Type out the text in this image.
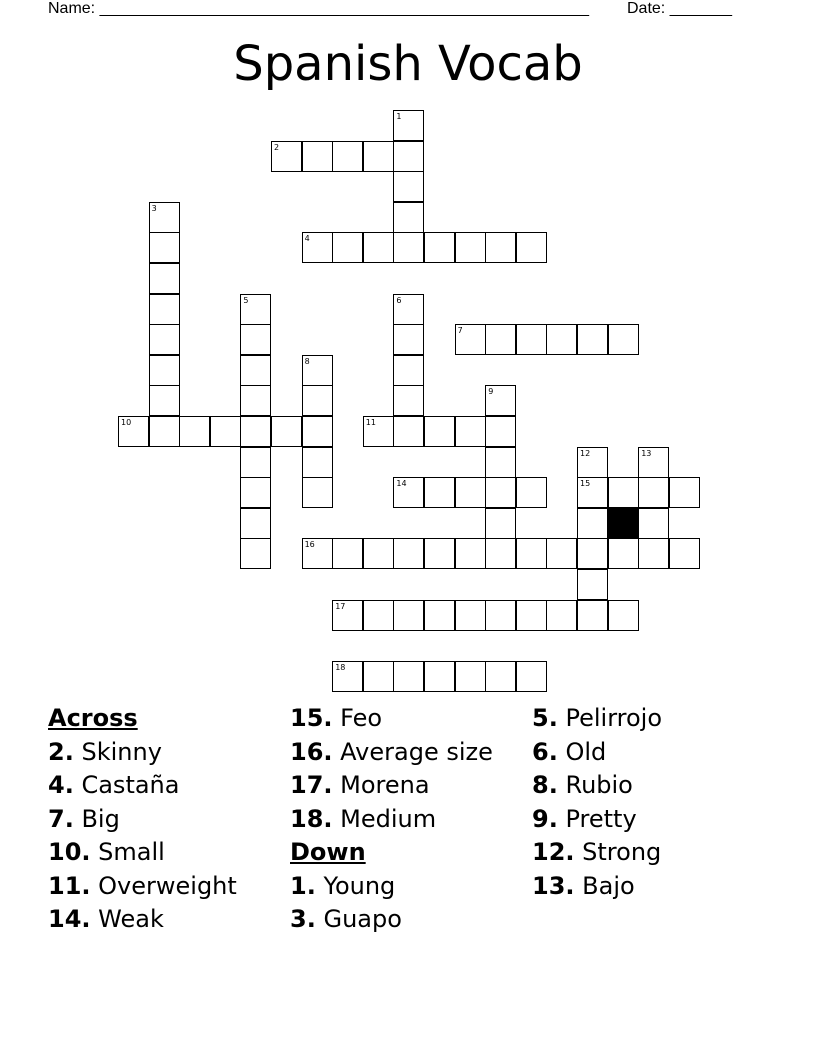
Name: _______________________________________________________ Date: _______
Spanish Vocab
1
2
3
4
5	6
7
8
9
10	11
12
15
13
14
16
17
18
Across
2. Skinny
4. Castaña
7. Big
10. Small
11. Overweight
14. Weak
15. Feo
16. Average size
17. Morena
18. Medium
Down
1. Young
3. Guapo
5. Pelirrojo
6. Old
8. Rubio
9. Pretty
12. Strong
13. Bajo
